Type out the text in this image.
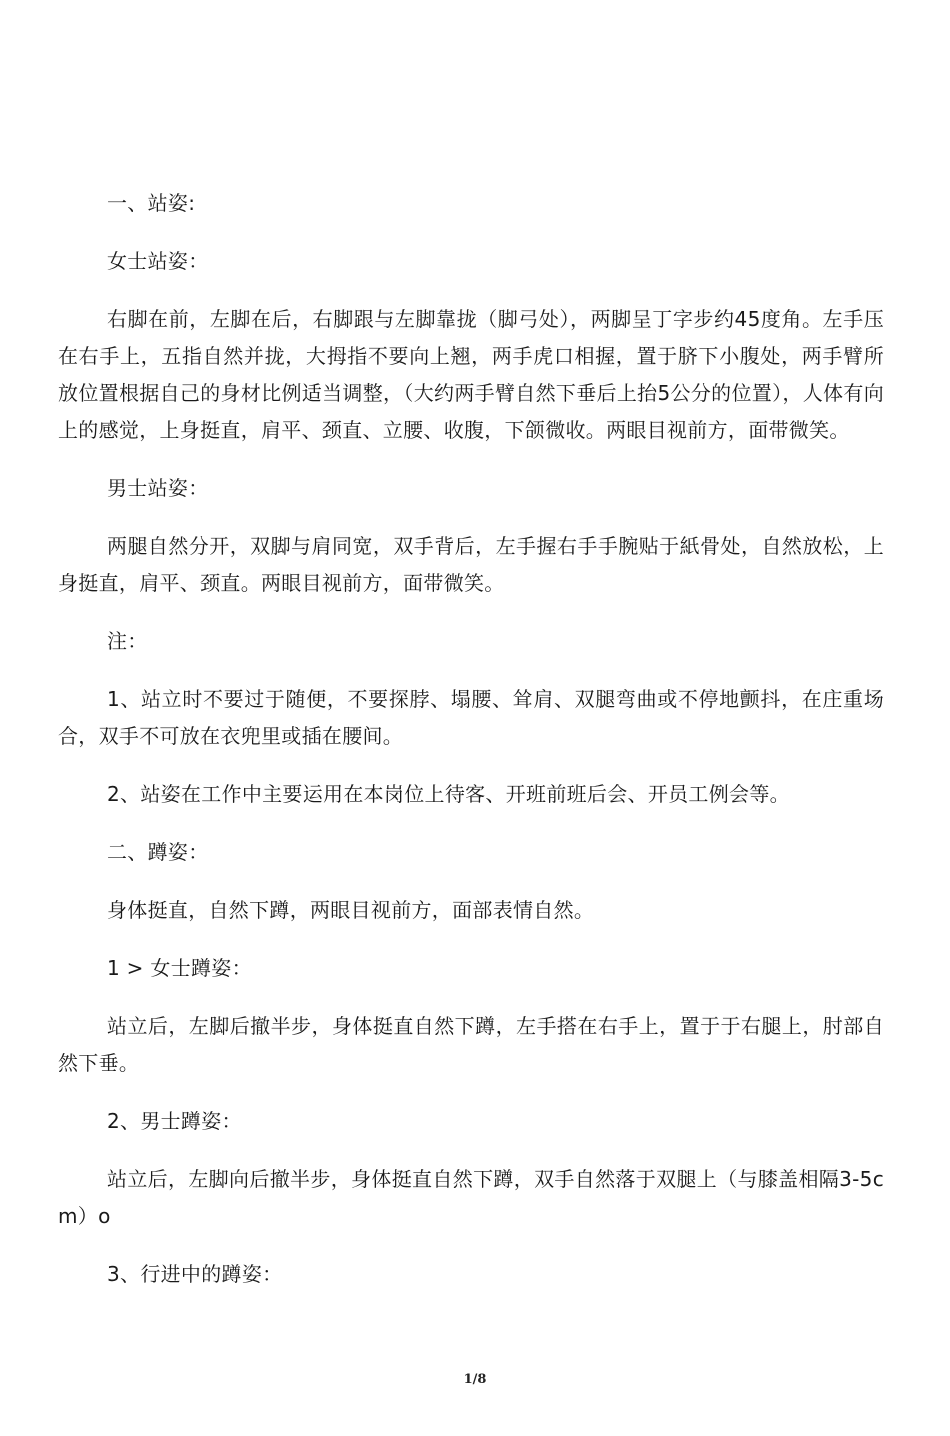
一、站姿:

女士站姿：

右脚在前，左脚在后，右脚跟与左脚靠拢（脚弓处），两脚呈丁字步约45度角。左手压在右手上，五指自然并拢，大拇指不要向上翘，两手虎口相握，置于脐下小腹处，两手臂所放位置根据自己的身材比例适当调整，（大约两手臂自然下垂后上抬5公分的位置），人体有向上的感觉，上身挺直，肩平、颈直、立腰、收腹，下颌微收。两眼目视前方，面带微笑。

男士站姿：

两腿自然分开，双脚与肩同宽，双手背后，左手握右手手腕贴于紙骨处，自然放松，上身挺直，肩平、颈直。两眼目视前方，面带微笑。

注：

1、站立时不要过于随便，不要探脖、塌腰、耸肩、双腿弯曲或不停地颤抖，在庄重场合，双手不可放在衣兜里或插在腰间。

2、站姿在工作中主要运用在本岗位上待客、开班前班后会、开员工例会等。

二、蹲姿：

身体挺直，自然下蹲，两眼目视前方，面部表情自然。

1 > 女士蹲姿：

站立后，左脚后撤半步，身体挺直自然下蹲，左手搭在右手上，置于于右腿上，肘部自然下垂。

2、男士蹲姿：

站立后，左脚向后撤半步，身体挺直自然下蹲，双手自然落于双腿上（与膝盖相隔3-5cm）o

3、行进中的蹲姿：

1/8
